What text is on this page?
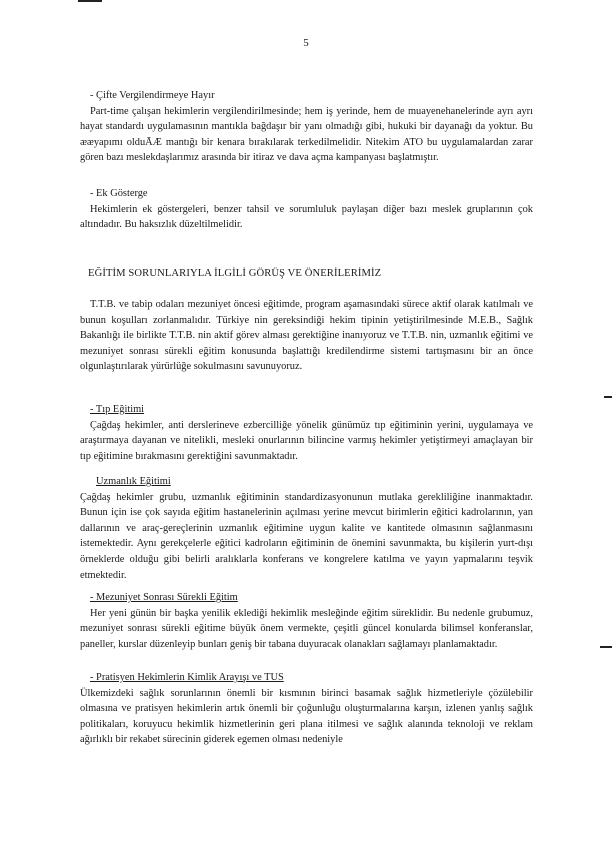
5

- Çifte Vergilendirmeye Hayır

Part-time çalışan hekimlerin vergilendirilmesinde; hem iş yerinde, hem de muayenehanelerinde ayrı ayrı hayat standardı uygulamasının mantıkla bağdaşır bir yanı olmadığı gibi, hukuki bir dayanağı da yoktur. Bu ᴂᴂyapımı olduĀÆ mantığı bir kenara bırakılarak terkedilmelidir. Nitekim ATO bu uygulamalardan zarar gören bazı meslekdaşlarımız arasında bir itiraz ve dava açma kampanyası başlatmıştır.

- Ek Gösterge

Hekimlerin ek göstergeleri, benzer tahsil ve sorumluluk paylaşan diğer bazı meslek gruplarının çok altındadır. Bu haksızlık düzeltilmelidir.

EĞİTİM SORUNLARIYLA İLGİLİ GÖRÜŞ VE ÖNERİLERİMİZ

T.T.B. ve tabip odaları mezuniyet öncesi eğitimde, program aşamasındaki sürece aktif olarak katılmalı ve bunun koşulları zorlanmalıdır. Türkiye nin gereksindiği hekim tipinin yetiştirilmesinde M.E.B., Sağlık Bakanlığı ile birlikte T.T.B. nin aktif görev alması gerektiğine inanıyoruz ve T.T.B. nin, uzmanlık eğitimi ve mezuniyet sonrası sürekli eğitim konusunda başlattığı kredilendirme sistemi tartışmasını bir an önce olgunlaştırılarak yürürlüğe sokulmasını savunuyoruz.

- Tıp Eğitimi

Çağdaş hekimler, anti derslerineve ezbercilliğe yönelik günümüz tıp eğitiminin yerini, uygulamaya ve araştırmaya dayanan ve nitelikli, mesleki onurlarının bilincine varmış hekimler yetiştirmeyi amaçlayan bir tıp eğitimine bırakmasını gerektiğini savunmaktadır.

Uzmanlık Eğitimi

Çağdaş hekimler grubu, uzmanlık eğitiminin standardizasyonunun mutlaka gerekliliğine inanmaktadır. Bunun için ise çok sayıda eğitim hastanelerinin açılması yerine mevcut birimlerin eğitici kadrolarının, yan dallarının ve araç-gereçlerinin uzmanlık eğitimine uygun kalite ve kantitede olmasının sağlanmasını istemektedir. Aynı gerekçelerle eğitici kadroların eğitiminin de önemini savunmakta, bu kişilerin yurt-dışı örneklerde olduğu gibi belirli aralıklarla konferans ve kongrelere katılma ve yayın yapmalarını teşvik etmektedir.

- Mezuniyet Sonrası Sürekli Eğitim

Her yeni günün bir başka yenilik eklediği hekimlik mesleğinde eğitim süreklidir. Bu nedenle grubumuz, mezuniyet sonrası sürekli eğitime büyük önem vermekte, çeşitli güncel konularda bilimsel konferanslar, paneller, kurslar düzenleyip bunları geniş bir tabana duyuracak olanakları sağlamayı planlamaktadır.

- Pratisyen Hekimlerin Kimlik Arayışı ve TUS

Ülkemizdeki sağlık sorunlarının önemli bir kısmının birinci basamak sağlık hizmetleriyle çözülebilir olmasına ve pratisyen hekimlerin artık önemli bir çoğunluğu oluşturmalarına karşın, izlenen yanlış sağlık politikaları, koruyucu hekimlik hizmetlerinin geri plana itilmesi ve sağlık alanında teknoloji ve reklam ağırlıklı bir rekabet sürecinin giderek egemen olması nedeniyle
